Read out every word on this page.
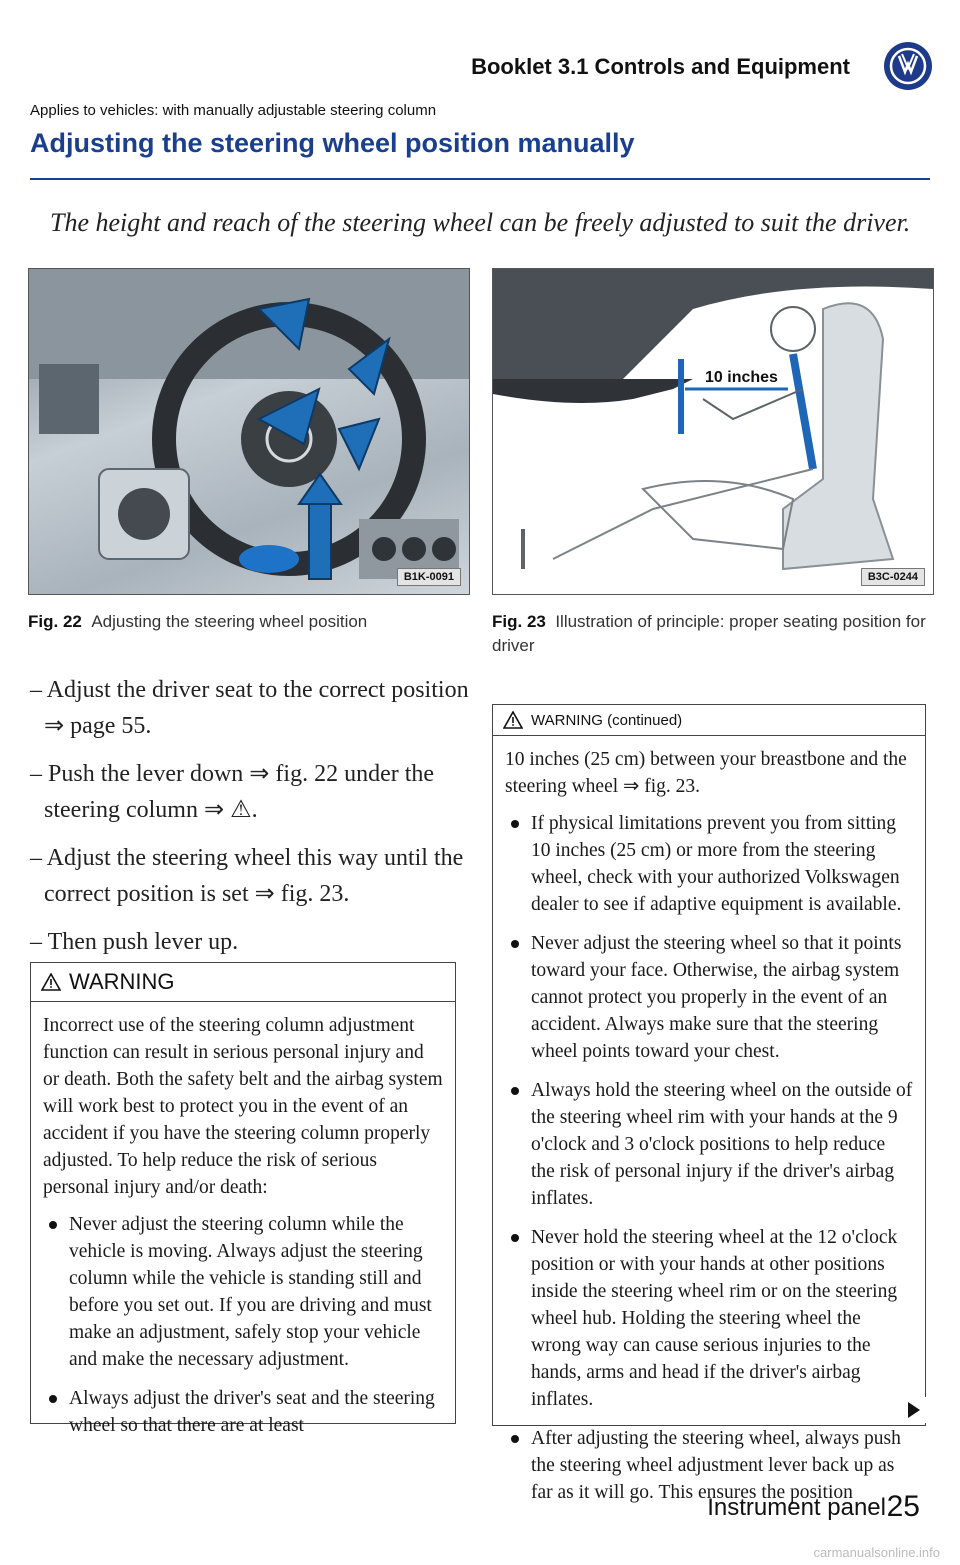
Booklet 3.1 Controls and Equipment
Applies to vehicles: with manually adjustable steering column
Adjusting the steering wheel position manually
The height and reach of the steering wheel can be freely adjusted to suit the driver.
B1K-0091
Fig. 22 Adjusting the steering wheel position
10 inches
B3C-0244
Fig. 23 Illustration of principle: proper seating position for driver

– Adjust the driver seat to the correct position ⇒ page 55.

– Push the lever down ⇒ fig. 22 under the steering column ⇒ ⚠.

– Adjust the steering wheel this way until the correct position is set ⇒ fig. 23.

– Then push lever up.

WARNING

Incorrect use of the steering column adjustment function can result in serious personal injury and or death. Both the safety belt and the airbag system will work best to protect you in the event of an accident if you have the steering column properly adjusted. To help reduce the risk of serious personal injury and/or death:

Never adjust the steering column while the vehicle is moving. Always adjust the steering column while the vehicle is standing still and before you set out. If you are driving and must make an adjustment, safely stop your vehicle and make the necessary adjustment.
Always adjust the driver's seat and the steering wheel so that there are at least
WARNING (continued)

10 inches (25 cm) between your breastbone and the steering wheel ⇒ fig. 23.

If physical limitations prevent you from sitting 10 inches (25 cm) or more from the steering wheel, check with your authorized Volkswagen dealer to see if adaptive equipment is available.
Never adjust the steering wheel so that it points toward your face. Otherwise, the airbag system cannot protect you properly in the event of an accident. Always make sure that the steering wheel points toward your chest.
Always hold the steering wheel on the outside of the steering wheel rim with your hands at the 9 o'clock and 3 o'clock positions to help reduce the risk of personal injury if the driver's airbag inflates.
Never hold the steering wheel at the 12 o'clock position or with your hands at other positions inside the steering wheel rim or on the steering wheel hub. Holding the steering wheel the wrong way can cause serious injuries to the hands, arms and head if the driver's airbag inflates.
After adjusting the steering wheel, always push the steering wheel adjustment lever back up as far as it will go. This ensures the position
Instrument panel 25
carmanualsonline.info
